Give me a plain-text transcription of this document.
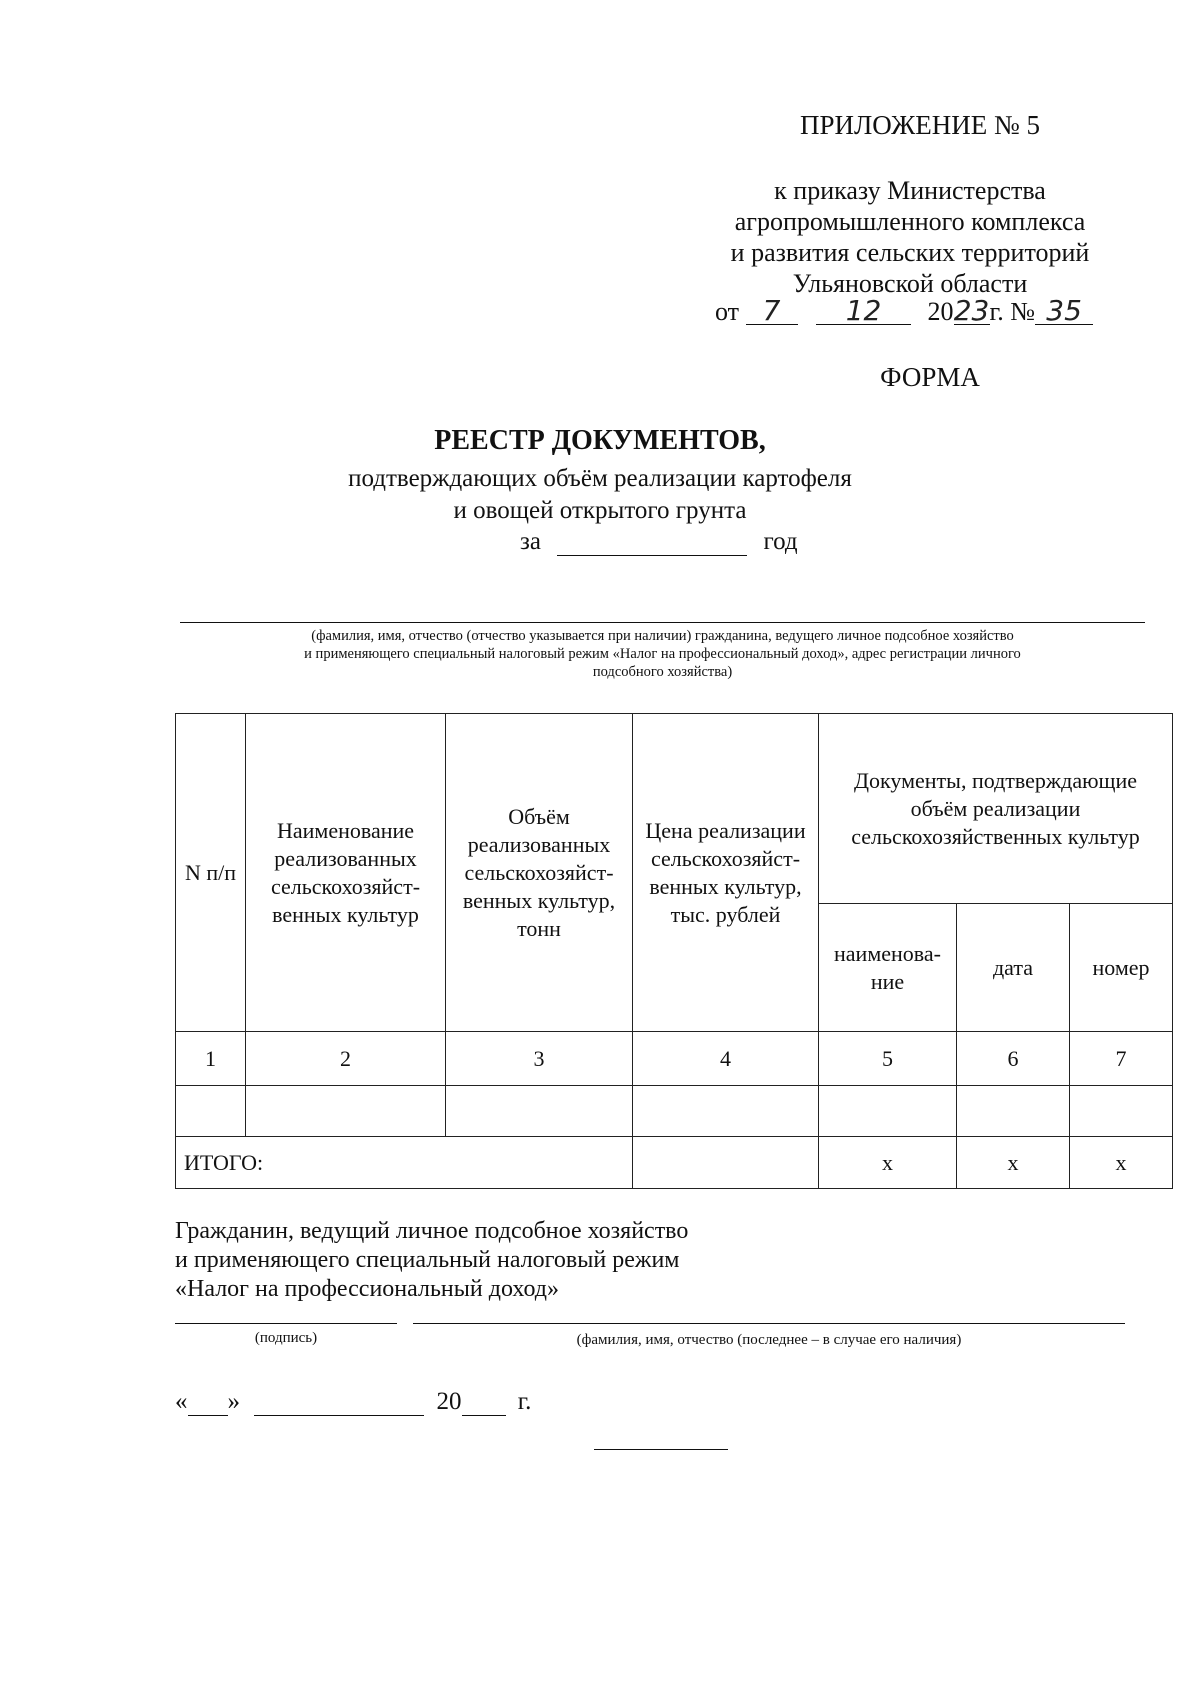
ПРИЛОЖЕНИЕ № 5
к приказу Министерства
агропромышленного комплекса
и развития сельских территорий
Ульяновской области
от 7 12 2023г. № 35
ФОРМА
РЕЕСТР ДОКУМЕНТОВ,
подтверждающих объём реализации картофеля
и овощей открытого грунта
за	год
(фамилия, имя, отчество (отчество указывается при наличии) гражданина, ведущего личное подсобное хозяйство
и применяющего специальный налоговый режим «Налог на профессиональный доход», адрес регистрации личного
подсобного хозяйства)
N п/п	Наименование реализованных сельскохозяйст- венных культур	Объём реализованных сельскохозяйст- венных культур, тонн	Цена реализации сельскохозяйст- венных культур, тыс. рублей	Документы, подтверждающие объём реализации сельскохозяйственных культур		
				наименова- ние	дата	номер
1	2	3	4	5	6	7

ИТОГО:				х	х	х
Гражданин, ведущий личное подсобное хозяйство
и применяющего специальный налоговый режим
«Налог на профессиональный доход»
(подпись)	(фамилия, имя, отчество (последнее – в случае его наличия)
« »	20 г.
